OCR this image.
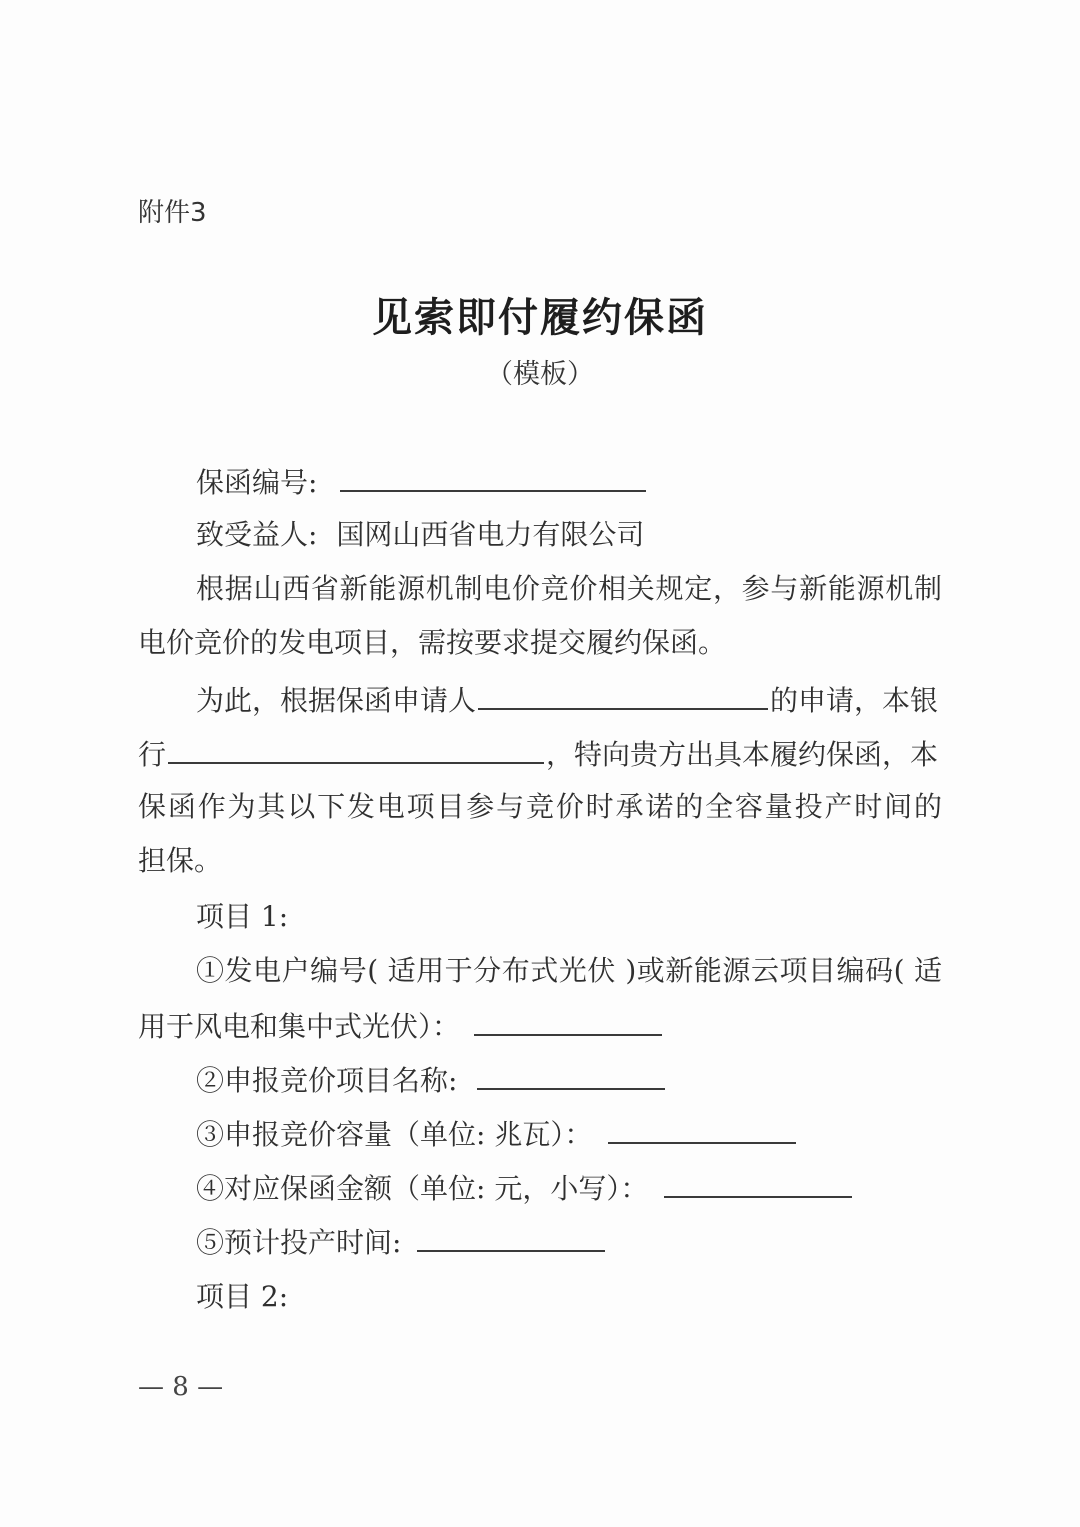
附件3
见索即付履约保函
（模板）
保函编号:
致受益人: 国网山西省电力有限公司
根据山西省新能源机制电价竞价相关规定，参与新能源机制
电价竞价的发电项目，需按要求提交履约保函。
为此，根据保函申请人	的申请，本银
行	，特向贵方出具本履约保函，本
保函作为其以下发电项目参与竞价时承诺的全容量投产时间的
担保。
项目 1:
①发电户编号( 适用于分布式光伏 )或新能源云项目编码( 适
用于风电和集中式光伏）：
②申报竞价项目名称:
③申报竞价容量（单位: 兆瓦）：
④对应保函金额（单位: 元，小写）：
⑤预计投产时间:
项目 2:
— 8 —
